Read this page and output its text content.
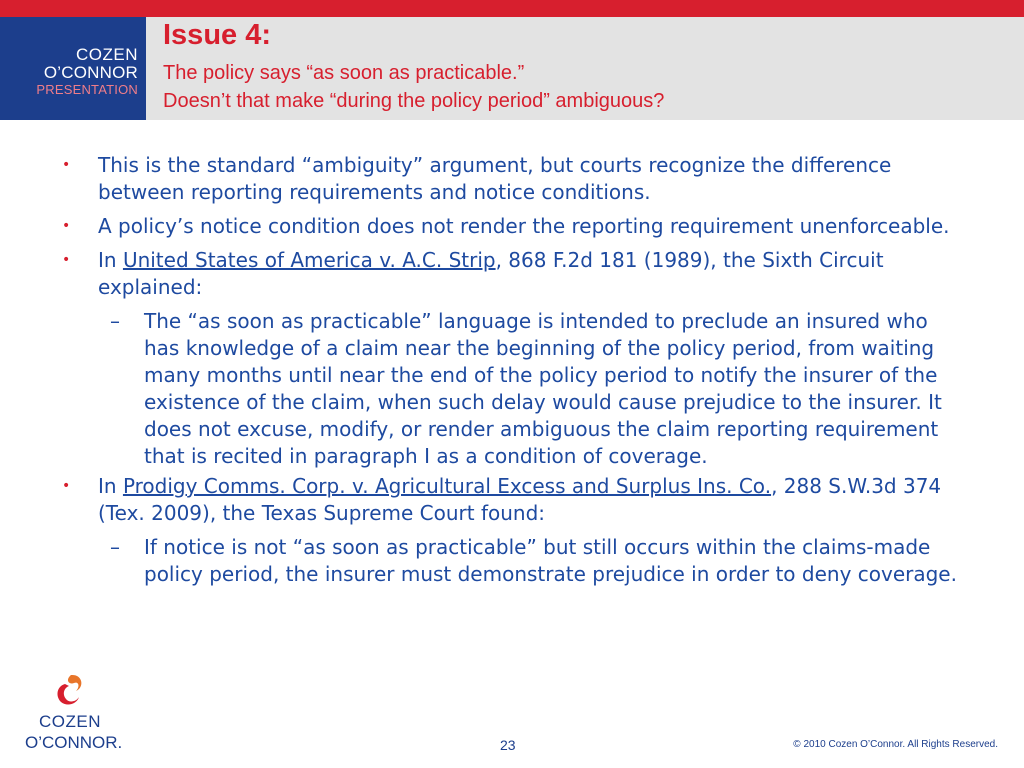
COZEN
O’CONNOR
PRESENTATION
Issue 4:
The policy says “as soon as practicable.”
Doesn’t that make “during the policy period” ambiguous?
• This is the standard “ambiguity” argument, but courts recognize the difference between reporting requirements and notice conditions.
• A policy’s notice condition does not render the reporting requirement unenforceable.
• In United States of America v. A.C. Strip, 868 F.2d 181 (1989), the Sixth Circuit explained:
– The “as soon as practicable” language is intended to preclude an insured who has knowledge of a claim near the beginning of the policy period, from waiting many months until near the end of the policy period to notify the insurer of the existence of the claim, when such delay would cause prejudice to the insurer. It does not excuse, modify, or render ambiguous the claim reporting requirement that is recited in paragraph I as a condition of coverage.
• In Prodigy Comms. Corp. v. Agricultural Excess and Surplus Ins. Co., 288 S.W.3d 374 (Tex. 2009), the Texas Supreme Court found:
– If notice is not “as soon as practicable” but still occurs within the claims-made policy period, the insurer must demonstrate prejudice in order to deny coverage.
COZEN
O’CONNOR.	23	© 2010 Cozen O’Connor. All Rights Reserved.
